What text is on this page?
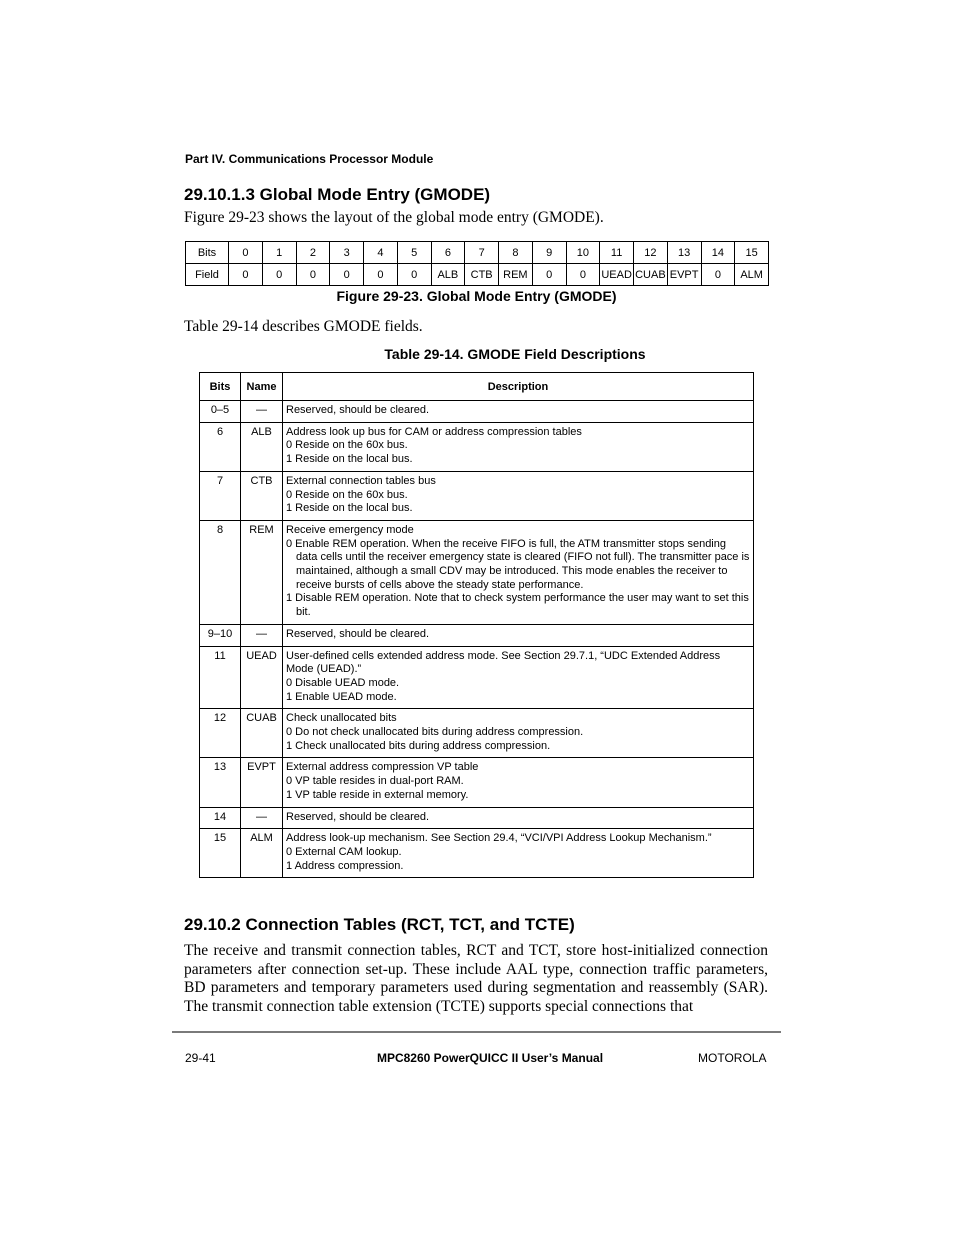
Part IV. Communications Processor Module
29.10.1.3 Global Mode Entry (GMODE)
Figure 29-23 shows the layout of the global mode entry (GMODE).
Bits	0	1	2	3	4	5	6	7	8	9	10	11	12	13	14	15
Field	0	0	0	0	0	0	ALB	CTB	REM	0	0	UEAD	CUAB	EVPT	0	ALM
Figure 29-23. Global Mode Entry (GMODE)
Table 29-14 describes GMODE fields.
Table 29-14. GMODE Field Descriptions
Bits	Name	Description
0–5	—	Reserved, should be cleared.

6	ALB	Address look up bus for CAM or address compression tables
0 Reside on the 60x bus.
1 Reside on the local bus.

7	CTB	External connection tables bus
0 Reside on the 60x bus.
1 Reside on the local bus.

8	REM	Receive emergency mode
0 Enable REM operation. When the receive FIFO is full, the ATM transmitter stops sending data cells until the receiver emergency state is cleared (FIFO not full). The transmitter pace is maintained, although a small CDV may be introduced. This mode enables the receiver to receive bursts of cells above the steady state performance.
1 Disable REM operation. Note that to check system performance the user may want to set this bit.

9–10	—	Reserved, should be cleared.

11	UEAD	User-defined cells extended address mode. See Section 29.7.1, “UDC Extended Address Mode (UEAD).”
0 Disable UEAD mode.
1 Enable UEAD mode.

12	CUAB	Check unallocated bits
0 Do not check unallocated bits during address compression.
1 Check unallocated bits during address compression.

13	EVPT	External address compression VP table
0 VP table resides in dual-port RAM.
1 VP table reside in external memory.

14	—	Reserved, should be cleared.

15	ALM	Address look-up mechanism. See Section 29.4, “VCI/VPI Address Lookup Mechanism.”
0 External CAM lookup.
1 Address compression.
29.10.2 Connection Tables (RCT, TCT, and TCTE)
The receive and transmit connection tables, RCT and TCT, store host-initialized connection parameters after connection set-up. These include AAL type, connection traffic parameters, BD parameters and temporary parameters used during segmentation and reassembly (SAR). The transmit connection table extension (TCTE) supports special connections that
29-41	MPC8260 PowerQUICC II User’s Manual	MOTOROLA
